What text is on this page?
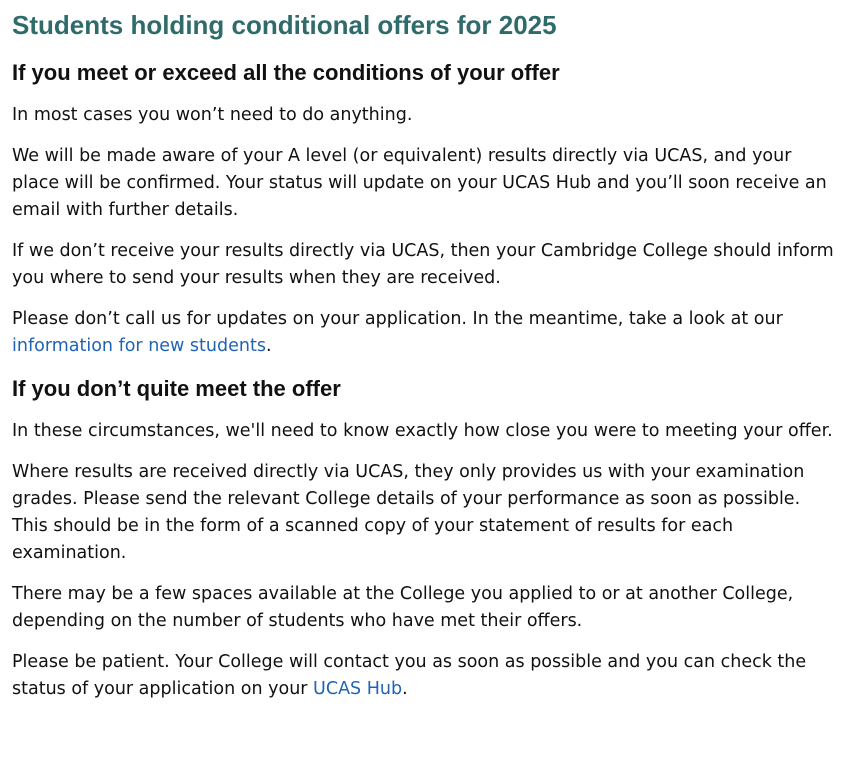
Students holding conditional offers for 2025
If you meet or exceed all the conditions of your offer

In most cases you won’t need to do anything.

We will be made aware of your A level (or equivalent) results directly via UCAS, and your place will be confirmed. Your status will update on your UCAS Hub and you’ll soon receive an email with further details.

If we don’t receive your results directly via UCAS, then your Cambridge College should inform you where to send your results when they are received.

Please don’t call us for updates on your application. In the meantime, take a look at our information for new students.

If you don’t quite meet the offer

In these circumstances, we'll need to know exactly how close you were to meeting your offer.

Where results are received directly via UCAS, they only provides us with your examination grades. Please send the relevant College details of your performance as soon as possible. This should be in the form of a scanned copy of your statement of results for each examination.

There may be a few spaces available at the College you applied to or at another College, depending on the number of students who have met their offers.

Please be patient. Your College will contact you as soon as possible and you can check the status of your application on your UCAS Hub.
